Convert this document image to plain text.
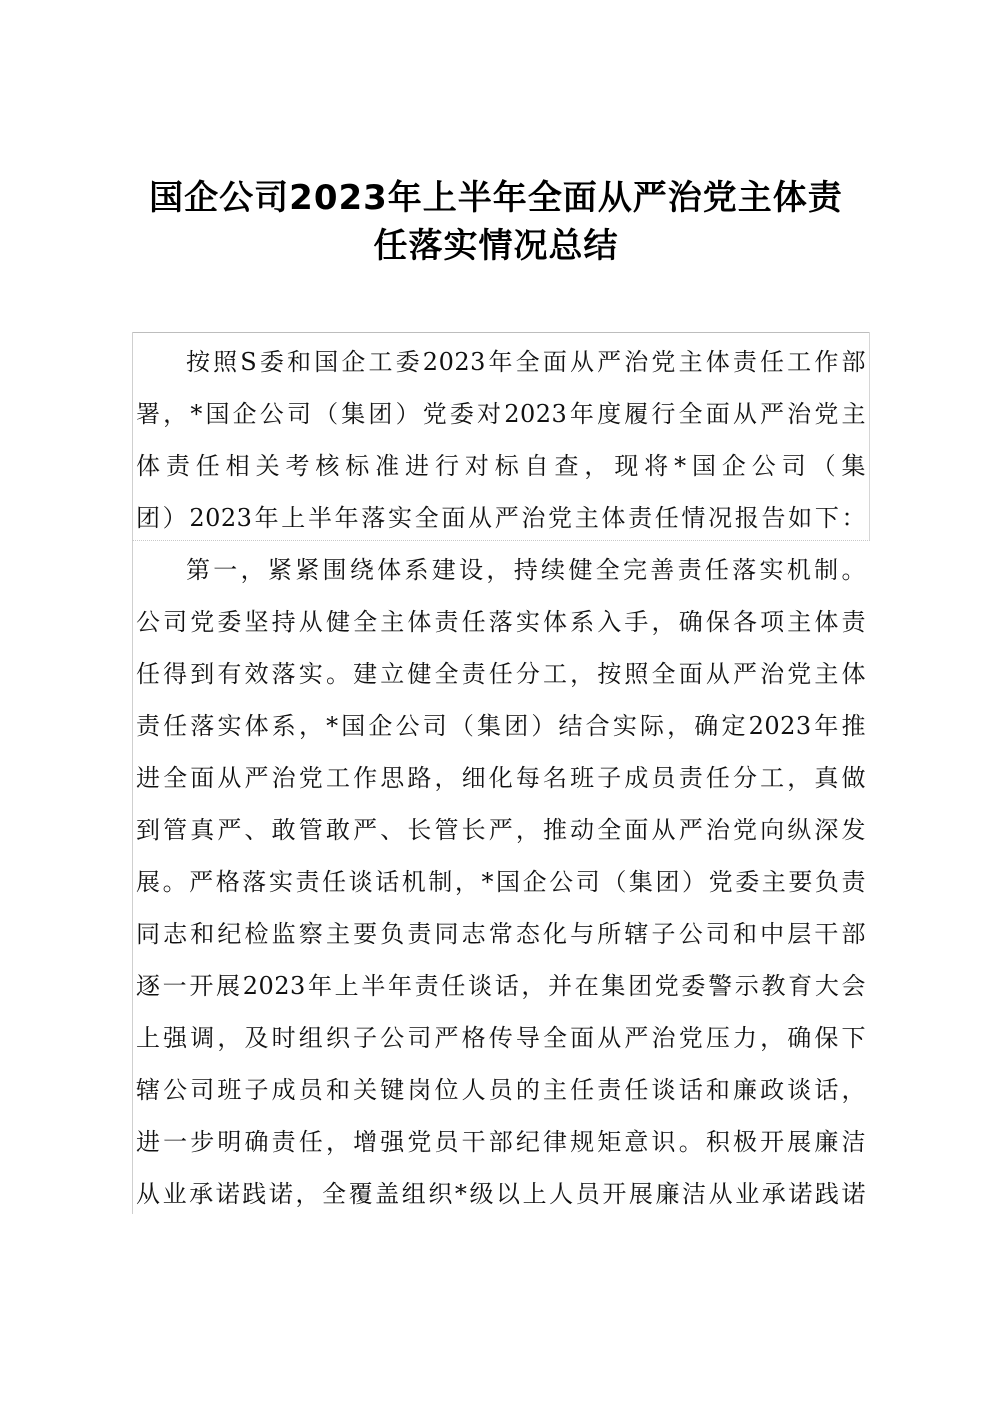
国企公司2023年上半年全面从严治党主体责
任落实情况总结
按照S委和国企工委2023年全面从严治党主体责任工作部
署，*国企公司（集团）党委对2023年度履行全面从严治党主
体责任相关考核标准进行对标自查，现将*国企公司（集
团）2023年上半年落实全面从严治党主体责任情况报告如下：
第一，紧紧围绕体系建设，持续健全完善责任落实机制。
公司党委坚持从健全主体责任落实体系入手，确保各项主体责
任得到有效落实。建立健全责任分工，按照全面从严治党主体
责任落实体系，*国企公司（集团）结合实际，确定2023年推
进全面从严治党工作思路，细化每名班子成员责任分工，真做
到管真严、敢管敢严、长管长严，推动全面从严治党向纵深发
展。严格落实责任谈话机制，*国企公司（集团）党委主要负责
同志和纪检监察主要负责同志常态化与所辖子公司和中层干部
逐一开展2023年上半年责任谈话，并在集团党委警示教育大会
上强调，及时组织子公司严格传导全面从严治党压力，确保下
辖公司班子成员和关键岗位人员的主任责任谈话和廉政谈话，
进一步明确责任，增强党员干部纪律规矩意识。积极开展廉洁
从业承诺践诺，全覆盖组织*级以上人员开展廉洁从业承诺践诺
